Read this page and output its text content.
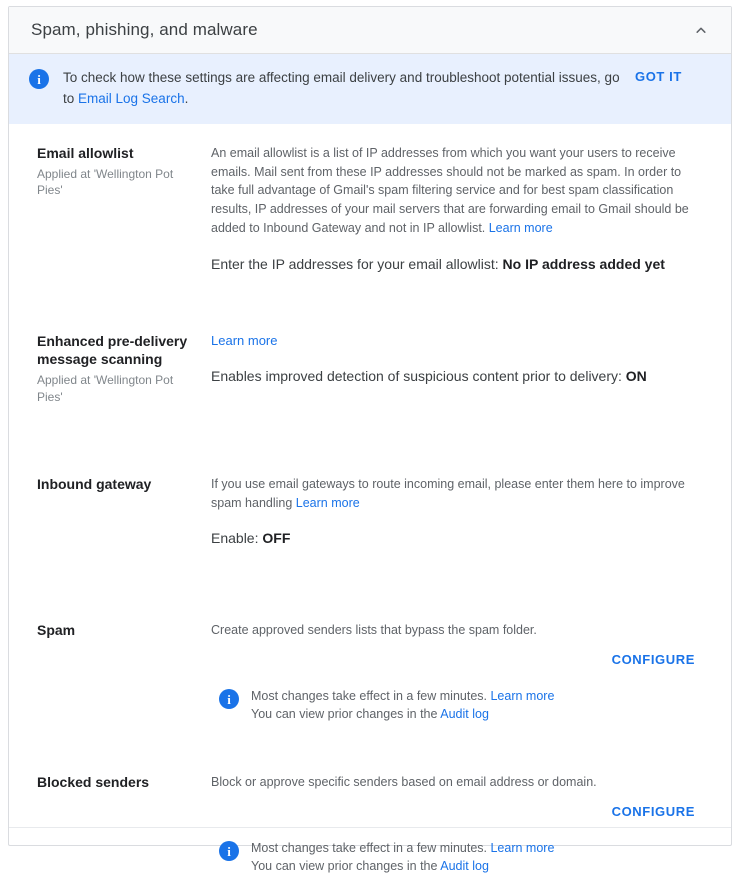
Spam, phishing, and malware
i	To check how these settings are affecting email delivery and troubleshoot potential issues, go to Email Log Search.
GOT IT
Email allowlist
Applied at 'Wellington Pot Pies'
An email allowlist is a list of IP addresses from which you want your users to receive emails. Mail sent from these IP addresses should not be marked as spam. In order to take full advantage of Gmail's spam filtering service and for best spam classification results, IP addresses of your mail servers that are forwarding email to Gmail should be added to Inbound Gateway and not in IP allowlist. Learn more
Enter the IP addresses for your email allowlist: No IP address added yet
Enhanced pre-delivery message scanning
Applied at 'Wellington Pot Pies'
Learn more
Enables improved detection of suspicious content prior to delivery: ON
Inbound gateway	If you use email gateways to route incoming email, please enter them here to improve spam handling Learn more
Enable: OFF
Spam	Create approved senders lists that bypass the spam folder.
CONFIGURE
i	Most changes take effect in a few minutes. Learn more
You can view prior changes in the Audit log
Blocked senders	Block or approve specific senders based on email address or domain.
CONFIGURE
i	Most changes take effect in a few minutes. Learn more
You can view prior changes in the Audit log
